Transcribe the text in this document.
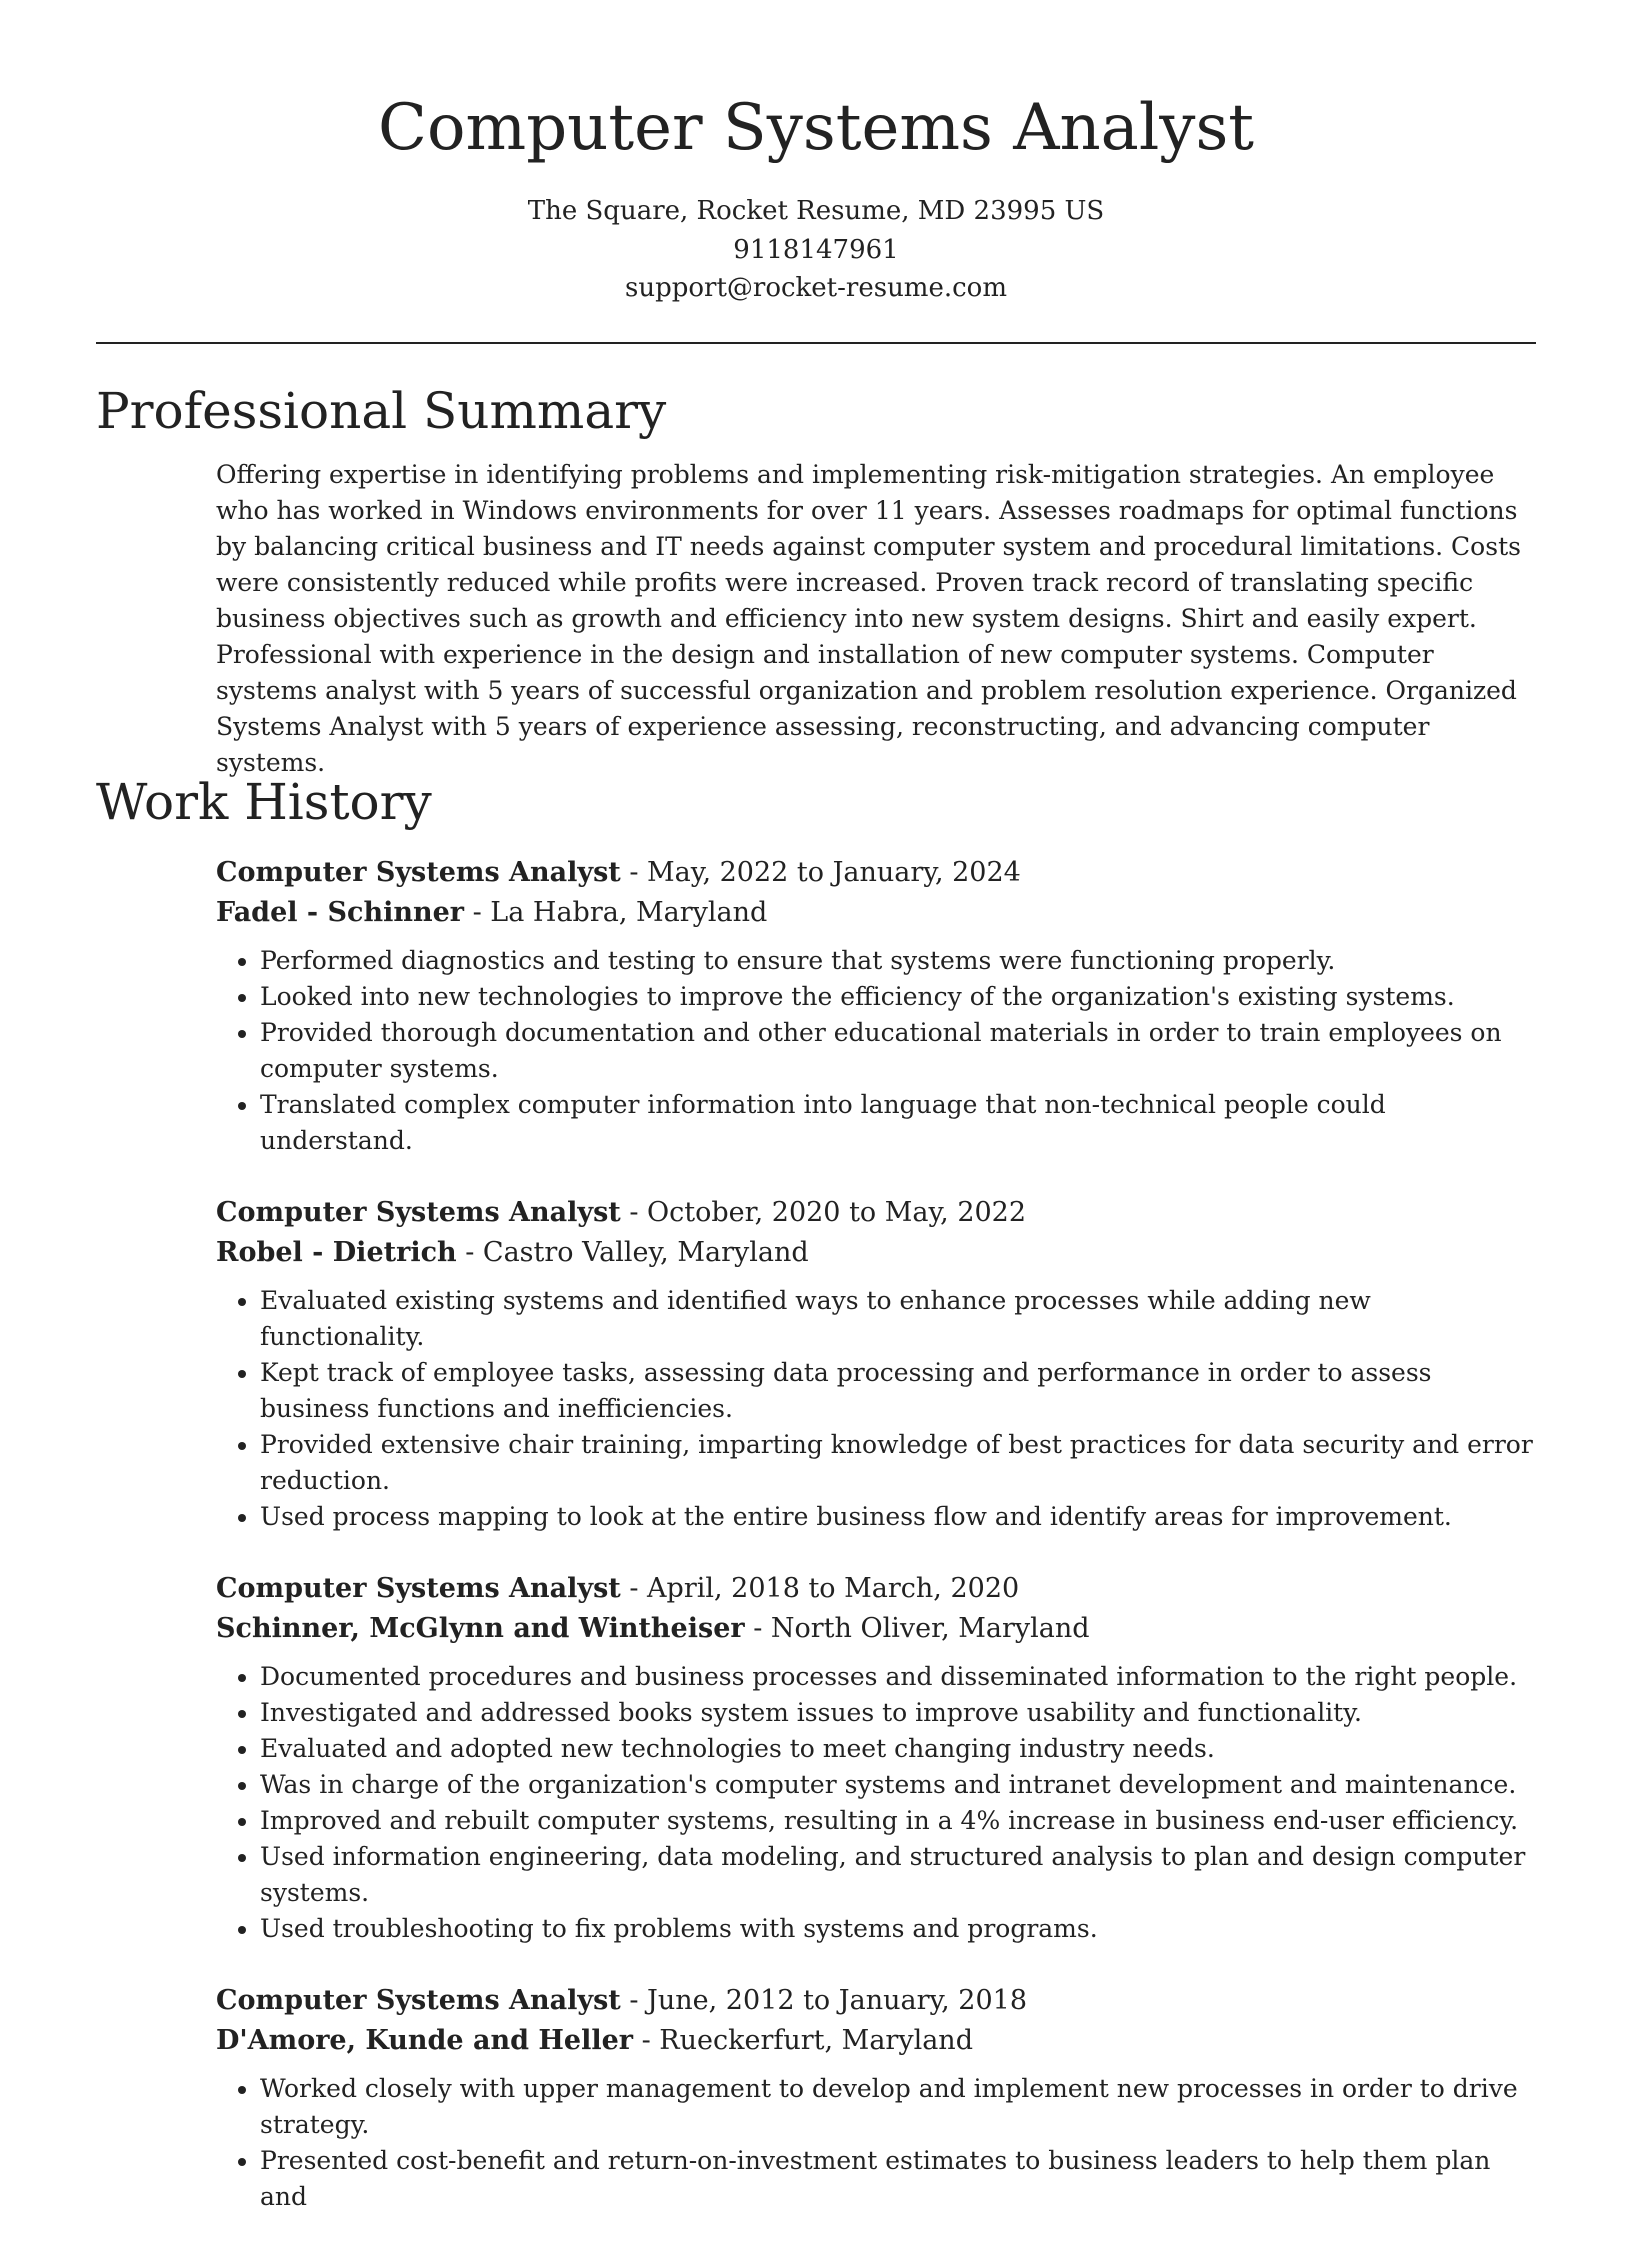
Computer Systems Analyst
The Square, Rocket Resume, MD 23995 US
9118147961
support@rocket-resume.com
Professional Summary

Offering expertise in identifying problems and implementing risk-mitigation strategies. An employee who has worked in Windows environments for over 11 years. Assesses roadmaps for optimal functions by balancing critical business and IT needs against computer system and procedural limitations. Costs were consistently reduced while profits were increased. Proven track record of translating specific business objectives such as growth and efficiency into new system designs. Shirt and easily expert. Professional with experience in the design and installation of new computer systems. Computer systems analyst with 5 years of successful organization and problem resolution experience. Organized Systems Analyst with 5 years of experience assessing, reconstructing, and advancing computer systems.

Work History
Computer Systems Analyst - May, 2022 to January, 2024
Fadel - Schinner - La Habra, Maryland
• Performed diagnostics and testing to ensure that systems were functioning properly.
• Looked into new technologies to improve the efficiency of the organization's existing systems.
• Provided thorough documentation and other educational materials in order to train employees on computer systems.
• Translated complex computer information into language that non-technical people could understand.
Computer Systems Analyst - October, 2020 to May, 2022
Robel - Dietrich - Castro Valley, Maryland
• Evaluated existing systems and identified ways to enhance processes while adding new functionality.
• Kept track of employee tasks, assessing data processing and performance in order to assess business functions and inefficiencies.
• Provided extensive chair training, imparting knowledge of best practices for data security and error reduction.
• Used process mapping to look at the entire business flow and identify areas for improvement.
Computer Systems Analyst - April, 2018 to March, 2020
Schinner, McGlynn and Wintheiser - North Oliver, Maryland
• Documented procedures and business processes and disseminated information to the right people.
• Investigated and addressed books system issues to improve usability and functionality.
• Evaluated and adopted new technologies to meet changing industry needs.
• Was in charge of the organization's computer systems and intranet development and maintenance.
• Improved and rebuilt computer systems, resulting in a 4% increase in business end-user efficiency.
• Used information engineering, data modeling, and structured analysis to plan and design computer systems.
• Used troubleshooting to fix problems with systems and programs.
Computer Systems Analyst - June, 2012 to January, 2018
D'Amore, Kunde and Heller - Rueckerfurt, Maryland
• Worked closely with upper management to develop and implement new processes in order to drive strategy.
• Presented cost-benefit and return-on-investment estimates to business leaders to help them plan and
